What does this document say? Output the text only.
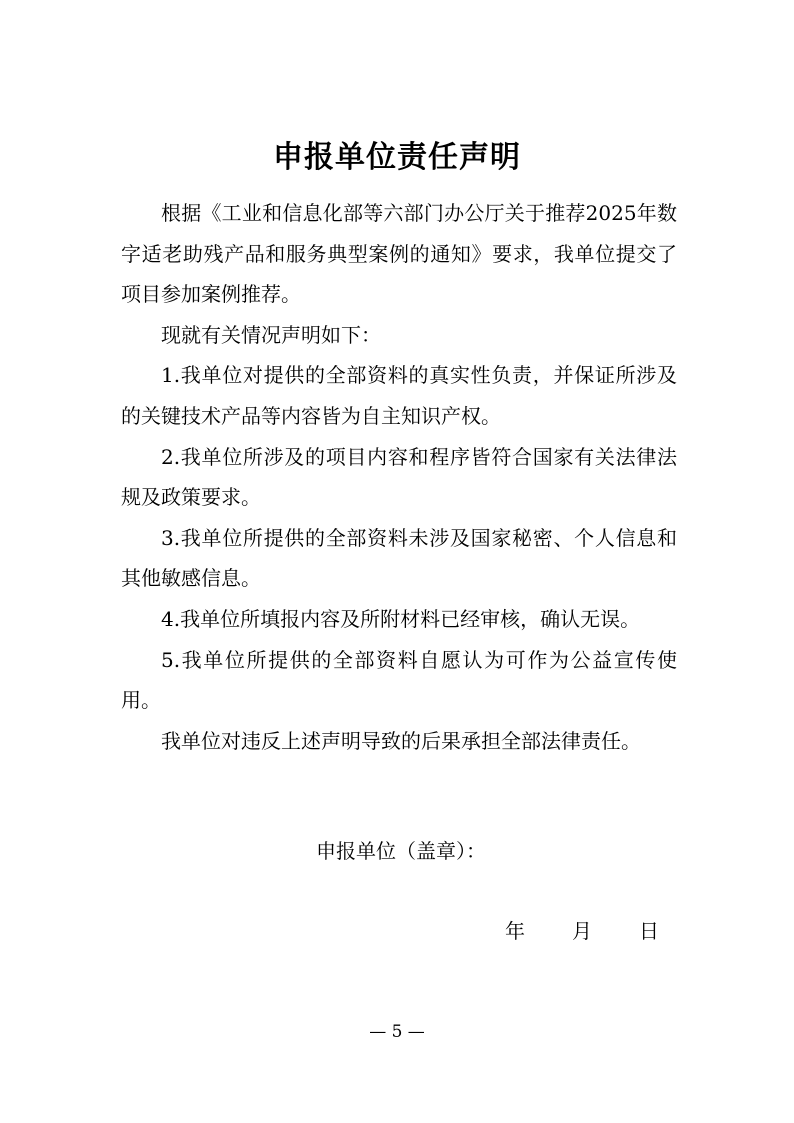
申报单位责任声明

根据《工业和信息化部等六部门办公厅关于推荐2025年数字适老助残产品和服务典型案例的通知》要求，我单位提交了项目参加案例推荐。

现就有关情况声明如下：

1.我单位对提供的全部资料的真实性负责，并保证所涉及的关键技术产品等内容皆为自主知识产权。

2.我单位所涉及的项目内容和程序皆符合国家有关法律法规及政策要求。

3.我单位所提供的全部资料未涉及国家秘密、个人信息和其他敏感信息。

4.我单位所填报内容及所附材料已经审核，确认无误。

5.我单位所提供的全部资料自愿认为可作为公益宣传使用。

我单位对违反上述声明导致的后果承担全部法律责任。

申报单位（盖章）：
年 月 日
— 5 —
